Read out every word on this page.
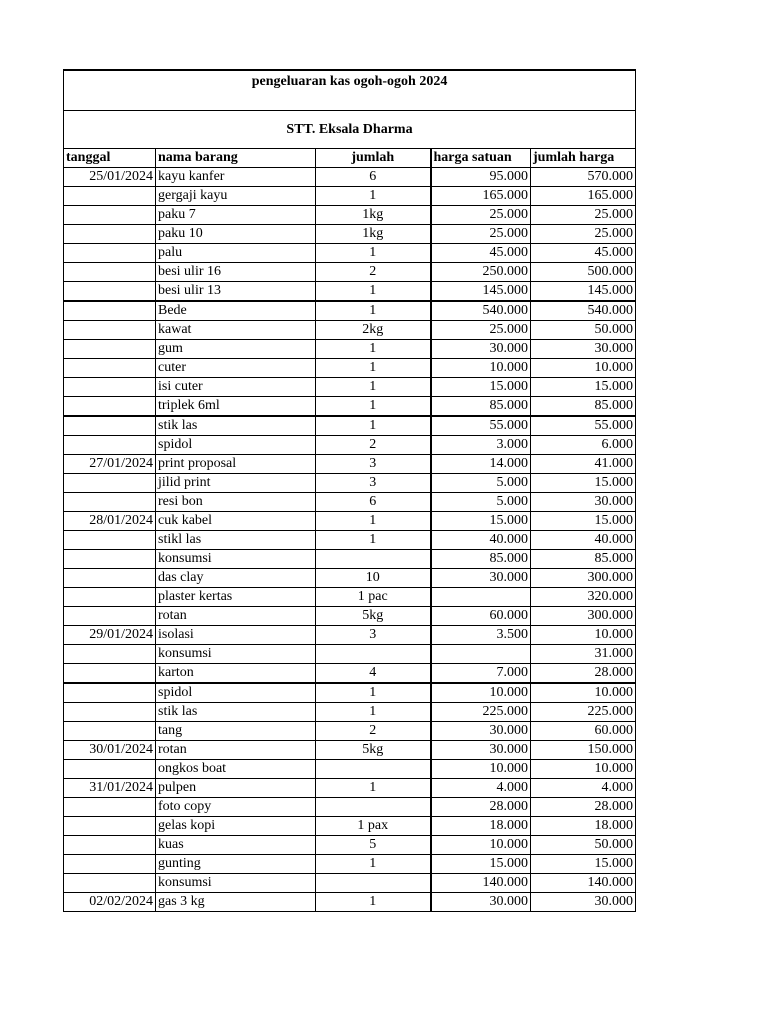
pengeluaran kas ogoh-ogoh 2024				
STT. Eksala Dharma				
tanggal	nama barang	jumlah	harga satuan	jumlah harga
25/01/2024	kayu kanfer	6	95.000	570.000
	gergaji kayu	1	165.000	165.000
	paku 7	1kg	25.000	25.000
	paku 10	1kg	25.000	25.000
	palu	1	45.000	45.000
	besi ulir 16	2	250.000	500.000
	besi ulir 13	1	145.000	145.000
	Bede	1	540.000	540.000
	kawat	2kg	25.000	50.000
	gum	1	30.000	30.000
	cuter	1	10.000	10.000
	isi cuter	1	15.000	15.000
	triplek 6ml	1	85.000	85.000
	stik las	1	55.000	55.000
	spidol	2	3.000	6.000
27/01/2024	print proposal	3	14.000	41.000
	jilid print	3	5.000	15.000
	resi bon	6	5.000	30.000
28/01/2024	cuk kabel	1	15.000	15.000
	stikl las	1	40.000	40.000
	konsumsi		85.000	85.000
	das clay	10	30.000	300.000
	plaster kertas	1 pac		320.000
	rotan	5kg	60.000	300.000
29/01/2024	isolasi	3	3.500	10.000
	konsumsi			31.000
	karton	4	7.000	28.000
	spidol	1	10.000	10.000
	stik las	1	225.000	225.000
	tang	2	30.000	60.000
30/01/2024	rotan	5kg	30.000	150.000
	ongkos boat		10.000	10.000
31/01/2024	pulpen	1	4.000	4.000
	foto copy		28.000	28.000
	gelas kopi	1 pax	18.000	18.000
	kuas	5	10.000	50.000
	gunting	1	15.000	15.000
	konsumsi		140.000	140.000
02/02/2024	gas 3 kg	1	30.000	30.000
